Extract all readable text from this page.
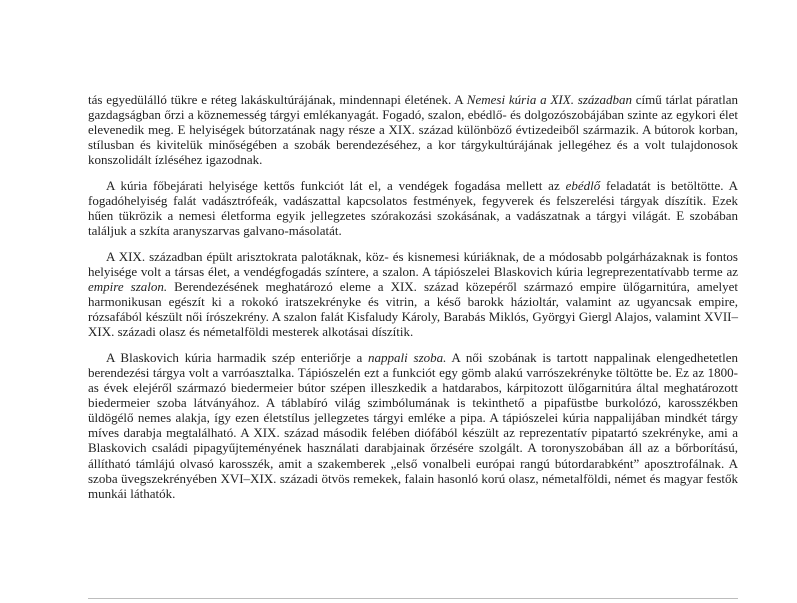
tás egyedülálló tükre e réteg lakáskultúrájának, mindennapi életének. A Nemesi kúria a XIX. században című tárlat páratlan gazdagságban őrzi a köznemesség tárgyi emlékanyagát. Fogadó, szalon, ebédlő- és dolgozószobájában szinte az egykori élet elevenedik meg. E helyiségek bútorzatának nagy része a XIX. század különböző évtizedeiből származik. A bútorok korban, stílusban és kivitelük minőségében a szobák berendezéséhez, a kor tárgykultúrájának jellegéhez és a volt tulajdonosok konszolidált ízléséhez igazodnak.

A kúria főbejárati helyisége kettős funkciót lát el, a vendégek fogadása mellett az ebédlő feladatát is betöltötte. A fogadóhelyiség falát vadásztrófeák, vadászattal kapcsolatos festmények, fegyverek és felszerelési tárgyak díszítik. Ezek hűen tükrözik a nemesi életforma egyik jellegzetes szórakozási szokásának, a vadászatnak a tárgyi világát. E szobában találjuk a szkíta aranyszarvas galvano-másolatát.

A XIX. században épült arisztokrata palotáknak, köz- és kisnemesi kúriáknak, de a módosabb polgárházaknak is fontos helyisége volt a társas élet, a vendégfogadás színtere, a szalon. A tápiószelei Blaskovich kúria legreprezentatívabb terme az empire szalon. Berendezésének meghatározó eleme a XIX. század közepéről származó empire ülőgarnitúra, amelyet harmonikusan egészít ki a rokokó iratszekrényke és vitrin, a késő barokk házioltár, valamint az ugyancsak empire, rózsafából készült női írószekrény. A szalon falát Kisfaludy Károly, Barabás Miklós, Györgyi Giergl Alajos, valamint XVII–XIX. századi olasz és németalföldi mesterek alkotásai díszítik.

A Blaskovich kúria harmadik szép enteriőrje a nappali szoba. A női szobának is tartott nappalinak elengedhetetlen berendezési tárgya volt a varróasztalka. Tápiószelén ezt a funkciót egy gömb alakú varrószekrényke töltötte be. Ez az 1800-as évek elejéről származó biedermeier bútor szépen illeszkedik a hatdarabos, kárpitozott ülőgarnitúra által meghatározott biedermeier szoba látványához. A táblabíró világ szimbólumának is tekinthető a pipafüstbe burkolózó, karosszékben üldögélő nemes alakja, így ezen életstílus jellegzetes tárgyi emléke a pipa. A tápiószelei kúria nappalijában mindkét tárgy míves darabja megtalálható. A XIX. század második felében diófából készült az reprezentatív pipatartó szekrényke, ami a Blaskovich családi pipagyűjteményének használati darabjainak őrzésére szolgált. A toronyszobában áll az a bőrborítású, állítható támlájú olvasó karosszék, amit a szakemberek „első vonalbeli európai rangú bútordarabként” aposztrofálnak. A szoba üvegszekrényében XVI–XIX. századi ötvös remekek, falain hasonló korú olasz, németalföldi, német és magyar festők munkái láthatók.
